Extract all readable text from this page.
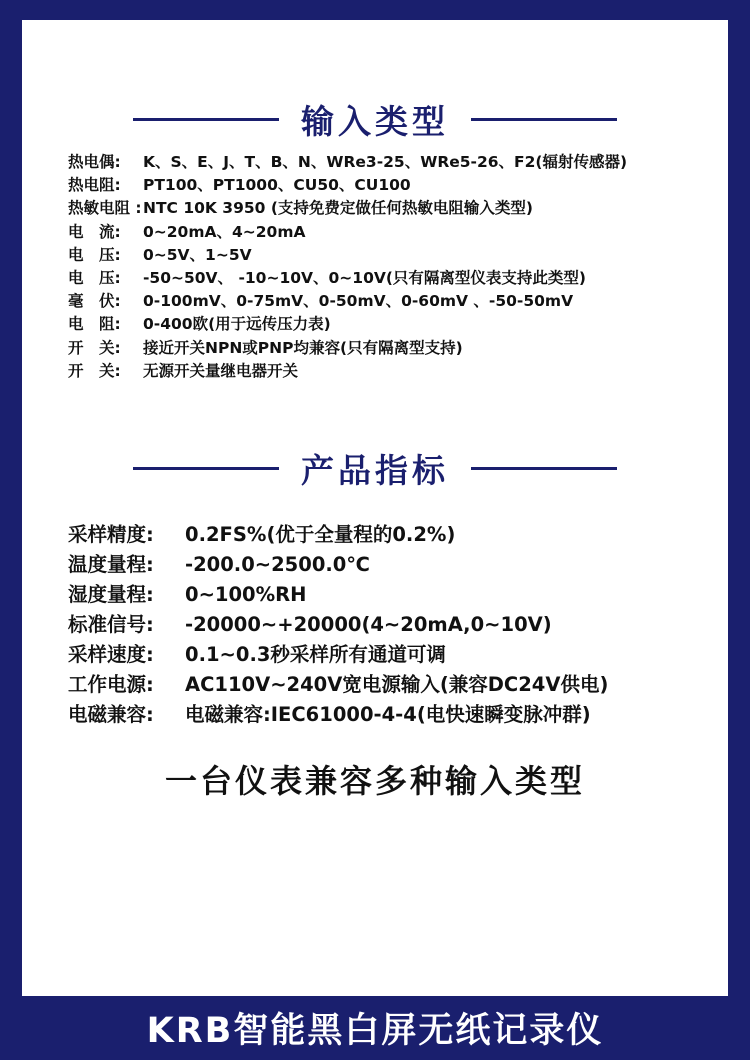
输入类型
热电偶: K、S、E、J、T、B、N、WRe3-25、WRe5-26、F2(辐射传感器)
热电阻: PT100、PT1000、CU50、CU100
热敏电阻 :NTC 10K 3950 (支持免费定做任何热敏电阻输入类型)
电　流: 0~20mA、4~20mA
电　压: 0~5V、1~5V
电　压: -50~50V、 -10~10V、0~10V(只有隔离型仪表支持此类型)
毫　伏: 0-100mV、0-75mV、0-50mV、0-60mV 、-50-50mV
电　阻: 0-400欧(用于远传压力表)
开　关: 接近开关NPN或PNP均兼容(只有隔离型支持)
开　关: 无源开关量继电器开关
产品指标
采样精度: 0.2FS%(优于全量程的0.2%)
温度量程: -200.0~2500.0℃
湿度量程: 0~100%RH
标准信号: -20000~+20000(4~20mA,0~10V)
采样速度: 0.1~0.3秒采样所有通道可调
工作电源: AC110V~240V宽电源输入(兼容DC24V供电)
电磁兼容: 电磁兼容:IEC61000-4-4(电快速瞬变脉冲群)
一台仪表兼容多种输入类型
KRB智能黑白屏无纸记录仪
